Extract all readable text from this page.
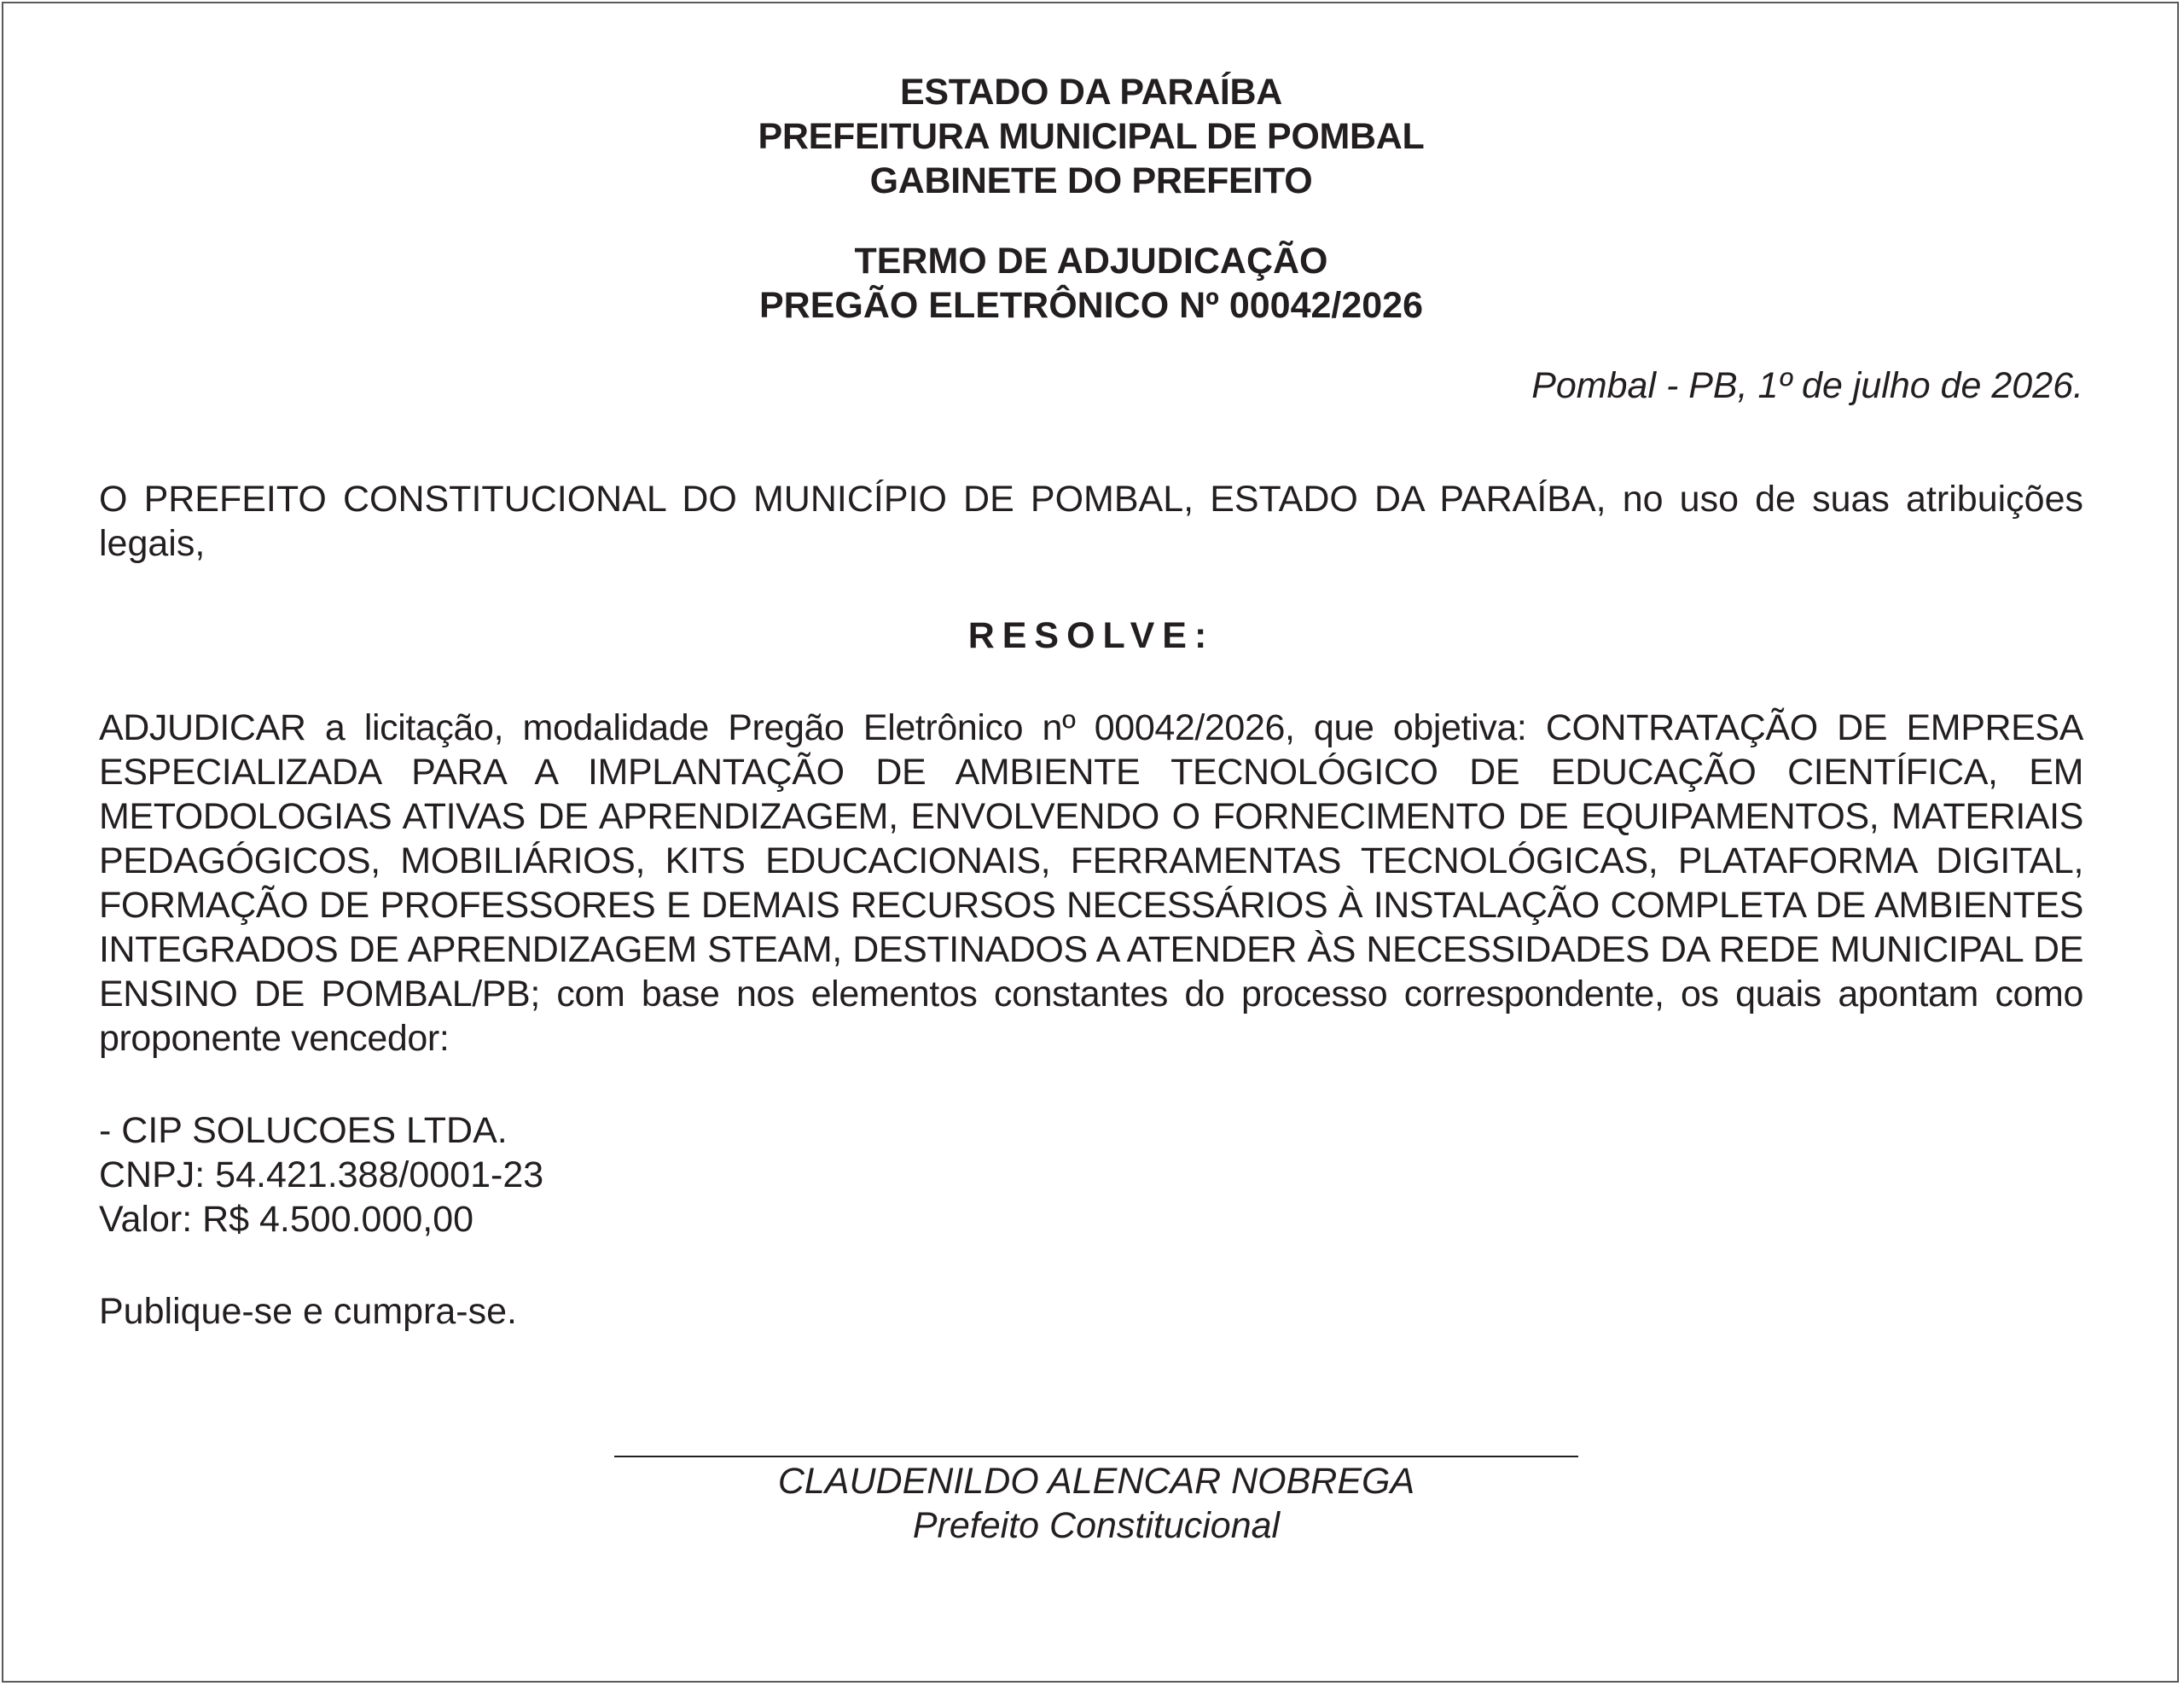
ESTADO DA PARAÍBA
PREFEITURA MUNICIPAL DE POMBAL
GABINETE DO PREFEITO
TERMO DE ADJUDICAÇÃO
PREGÃO ELETRÔNICO Nº 00042/2026
Pombal - PB, 1º de julho de 2026.
O PREFEITO CONSTITUCIONAL DO MUNICÍPIO DE POMBAL, ESTADO DA PARAÍBA, no uso de suas atribuições legais,
RESOLVE:
ADJUDICAR a licitação, modalidade Pregão Eletrônico nº 00042/2026, que objetiva: CONTRATAÇÃO DE EMPRESA ESPECIALIZADA PARA A IMPLANTAÇÃO DE AMBIENTE TECNOLÓGICO DE EDUCAÇÃO CIENTÍFICA, EM METODOLOGIAS ATIVAS DE APRENDIZAGEM, ENVOLVENDO O FORNECIMENTO DE EQUIPAMENTOS, MATERIAIS PEDAGÓGICOS, MOBILIÁRIOS, KITS EDUCACIONAIS, FERRAMENTAS TECNOLÓGICAS, PLATAFORMA DIGITAL, FORMAÇÃO DE PROFESSORES E DEMAIS RECURSOS NECESSÁRIOS À INSTALAÇÃO COMPLETA DE AMBIENTES INTEGRADOS DE APRENDIZAGEM STEAM, DESTINADOS A ATENDER ÀS NECESSIDADES DA REDE MUNICIPAL DE ENSINO DE POMBAL/PB; com base nos elementos constantes do processo correspondente, os quais apontam como proponente vencedor:
- CIP SOLUCOES LTDA.
CNPJ: 54.421.388/0001-23
Valor: R$ 4.500.000,00
Publique-se e cumpra-se.
CLAUDENILDO ALENCAR NOBREGA
Prefeito Constitucional
